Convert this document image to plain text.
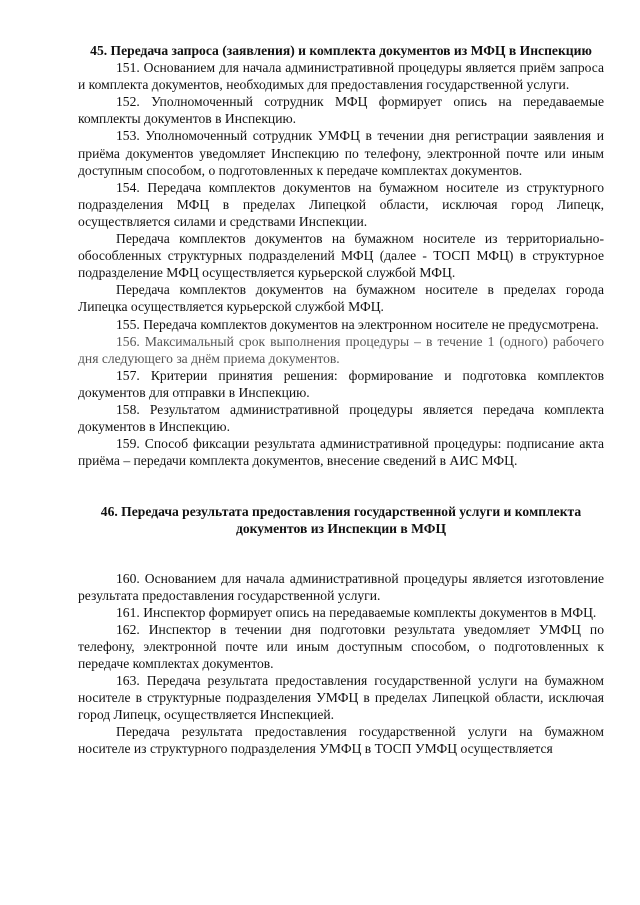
45. Передача запроса (заявления) и комплекта документов из МФЦ в Инспекцию

151. Основанием для начала административной процедуры является приём запроса и комплекта документов, необходимых для предоставления государственной услуги.

152. Уполномоченный сотрудник МФЦ формирует опись на передаваемые комплекты документов в Инспекцию.

153. Уполномоченный сотрудник УМФЦ в течении дня регистрации заявления и приёма документов уведомляет Инспекцию по телефону, электронной почте или иным доступным способом, о подготовленных к передаче комплектах документов.

154. Передача комплектов документов на бумажном носителе из структурного подразделения МФЦ в пределах Липецкой области, исключая город Липецк, осуществляется силами и средствами Инспекции.

Передача комплектов документов на бумажном носителе из территориально-обособленных структурных подразделений МФЦ (далее - ТОСП МФЦ) в структурное подразделение МФЦ осуществляется курьерской службой МФЦ.

Передача комплектов документов на бумажном носителе в пределах города Липецка осуществляется курьерской службой МФЦ.

155. Передача комплектов документов на электронном носителе не предусмотрена.

156. Максимальный срок выполнения процедуры – в течение 1 (одного) рабочего дня следующего за днём приема документов.

157. Критерии принятия решения: формирование и подготовка комплектов документов для отправки в Инспекцию.

158. Результатом административной процедуры является передача комплекта документов в Инспекцию.

159. Способ фиксации результата административной процедуры: подписание акта приёма – передачи комплекта документов, внесение сведений в АИС МФЦ.

46. Передача результата предоставления государственной услуги и комплекта документов из Инспекции в МФЦ

160. Основанием для начала административной процедуры является изготовление результата предоставления государственной услуги.

161. Инспектор формирует опись на передаваемые комплекты документов в МФЦ.

162. Инспектор в течении дня подготовки результата уведомляет УМФЦ по телефону, электронной почте или иным доступным способом, о подготовленных к передаче комплектах документов.

163. Передача результата предоставления государственной услуги на бумажном носителе в структурные подразделения УМФЦ в пределах Липецкой области, исключая город Липецк, осуществляется Инспекцией.

Передача результата предоставления государственной услуги на бумажном носителе из структурного подразделения УМФЦ в ТОСП УМФЦ осуществляется
